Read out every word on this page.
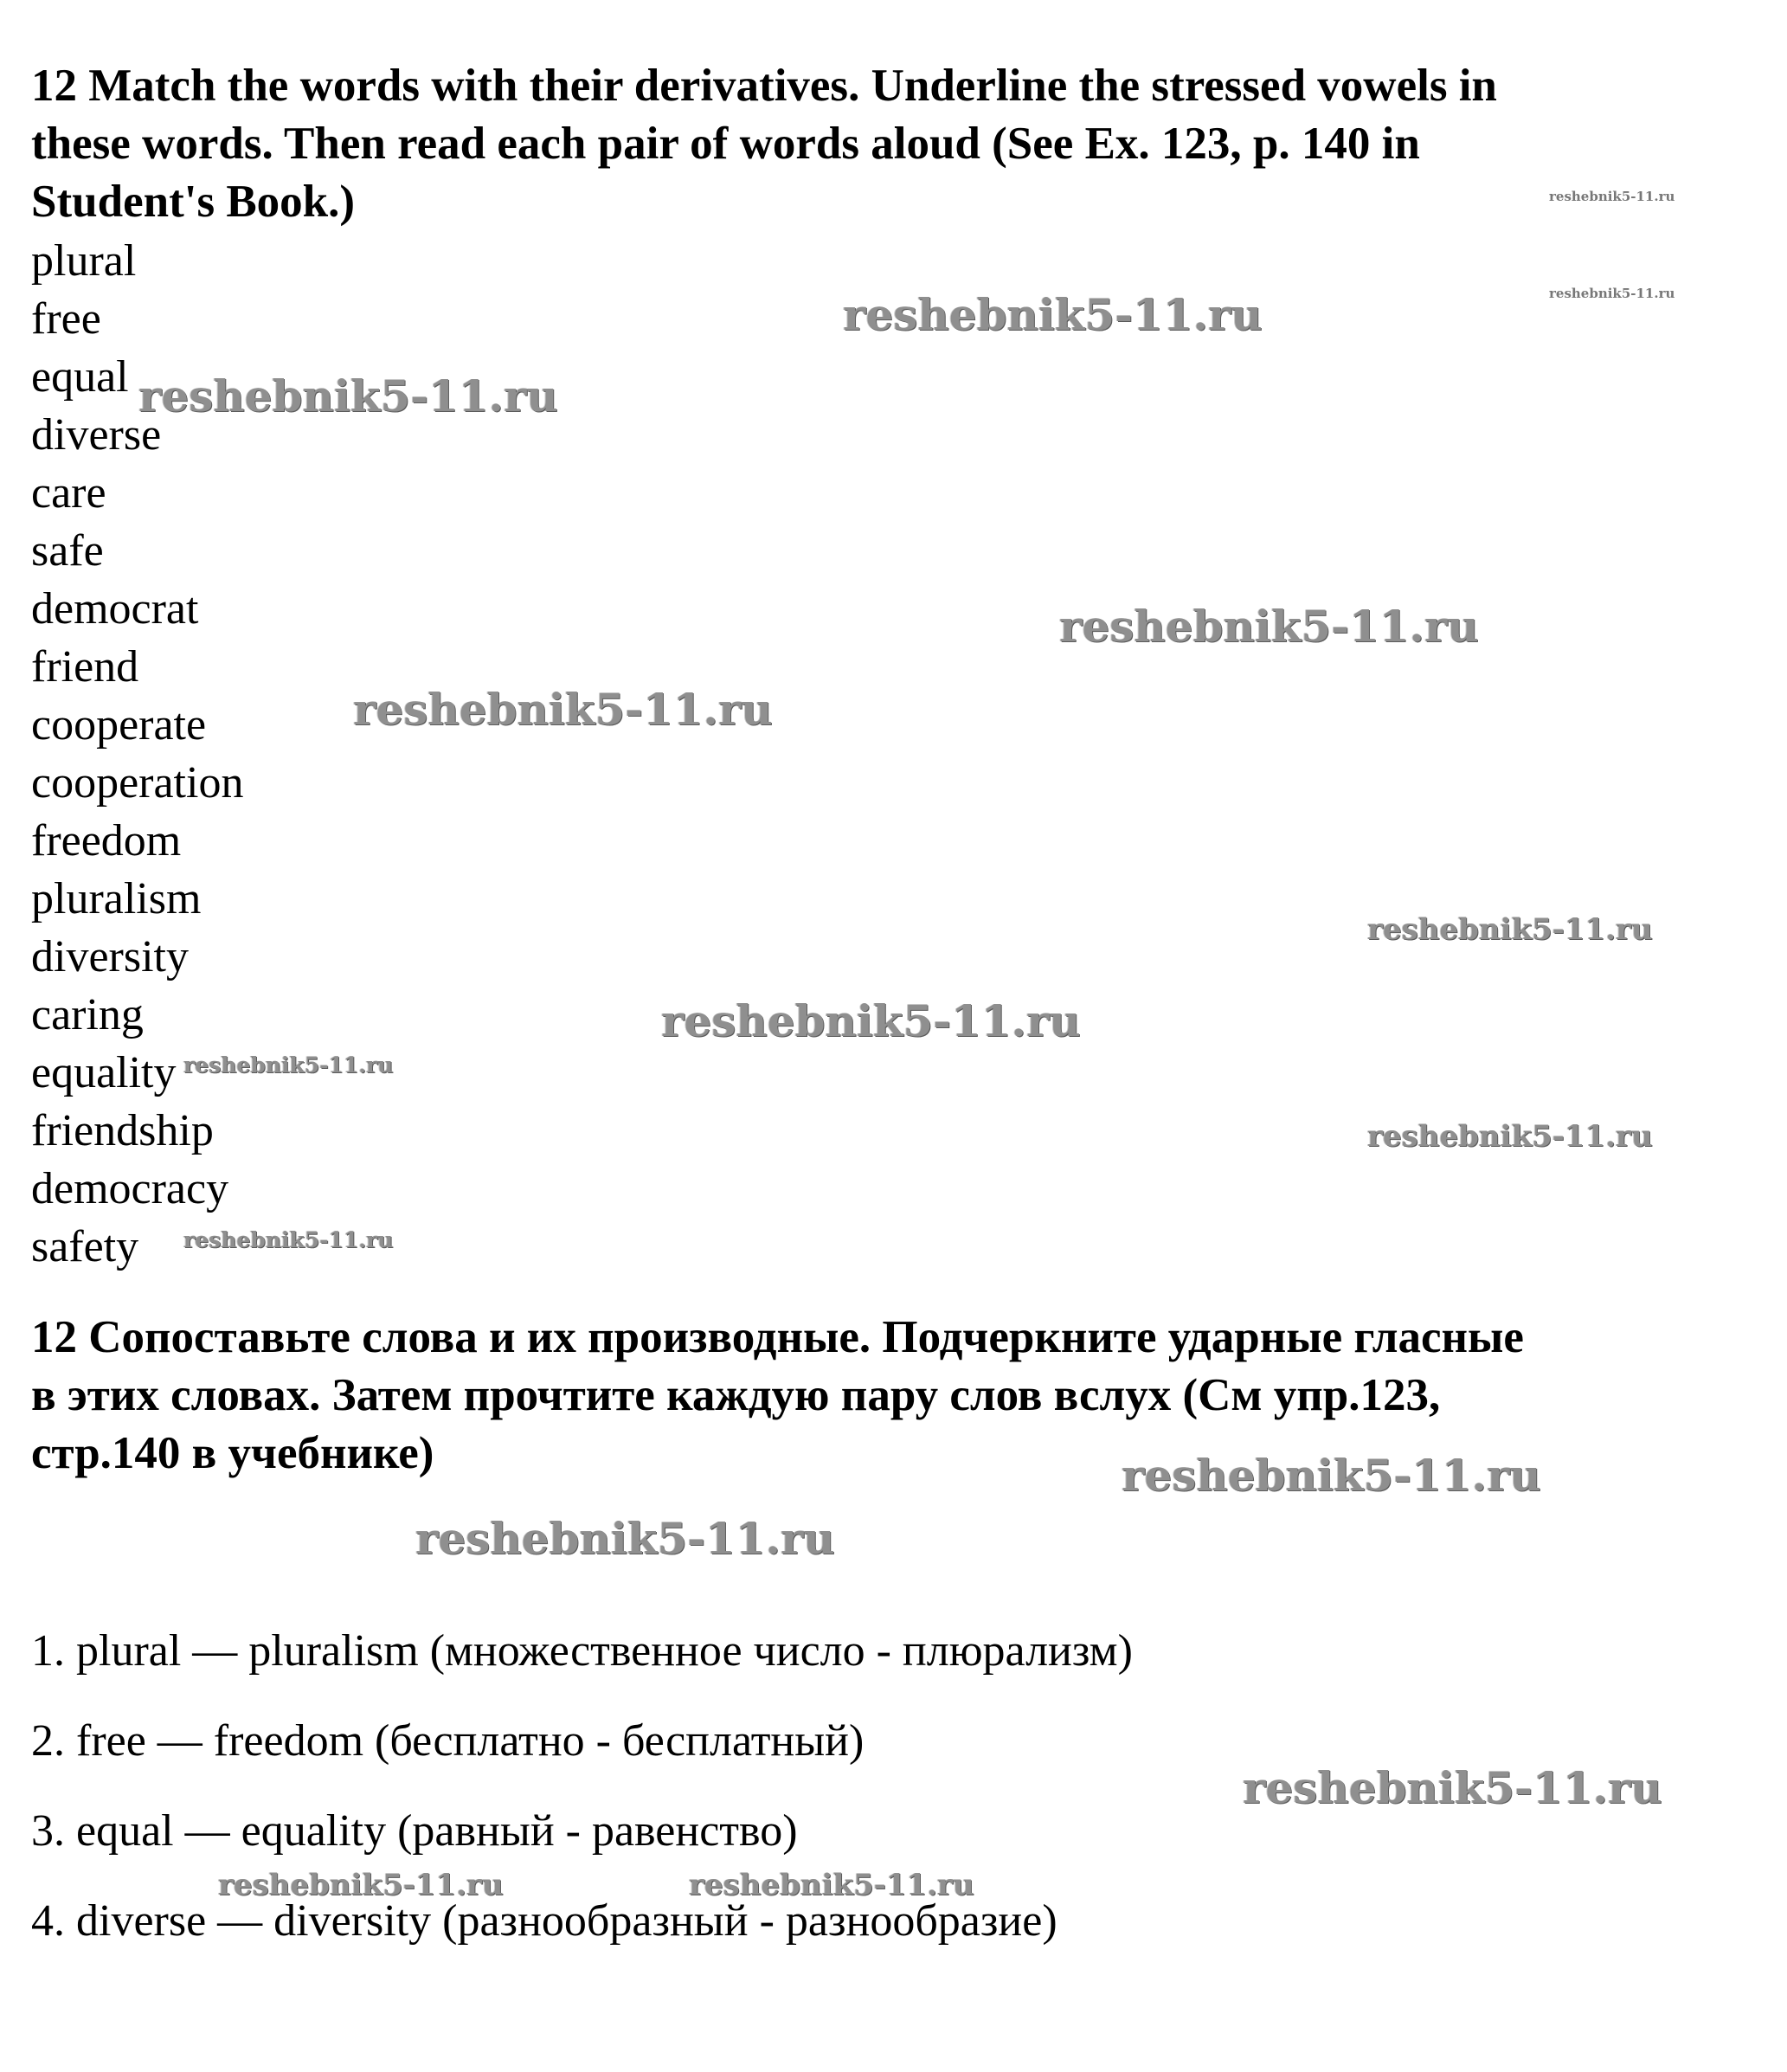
12 Match the words with their derivatives. Underline the stressed vowels in
these words. Then read each pair of words aloud (See Ex. 123, p. 140 in
Student's Book.)
plural
free
equal
diverse
care
safe
democrat
friend
cooperate
cooperation
freedom
pluralism
diversity
caring
equality
friendship
democracy
safety
12 Сопоставьте слова и их производные. Подчеркните ударные гласные
в этих словах. Затем прочтите каждую пару слов вслух (См упр.123,
стр.140 в учебнике)
1. plural — pluralism (множественное число - плюрализм)
2. free — freedom (бесплатно - бесплатный)
3. equal — equality (равный - равенство)
4. diverse — diversity (разнообразный - разнообразие)
reshebnik5-11.ru
reshebnik5-11.ru
reshebnik5-11.ru
reshebnik5-11.ru
reshebnik5-11.ru
reshebnik5-11.ru
reshebnik5-11.ru
reshebnik5-11.ru
reshebnik5-11.ru
reshebnik5-11.ru
reshebnik5-11.ru
reshebnik5-11.ru
reshebnik5-11.ru
reshebnik5-11.ru
reshebnik5-11.ru	reshebnik5-11.ru
